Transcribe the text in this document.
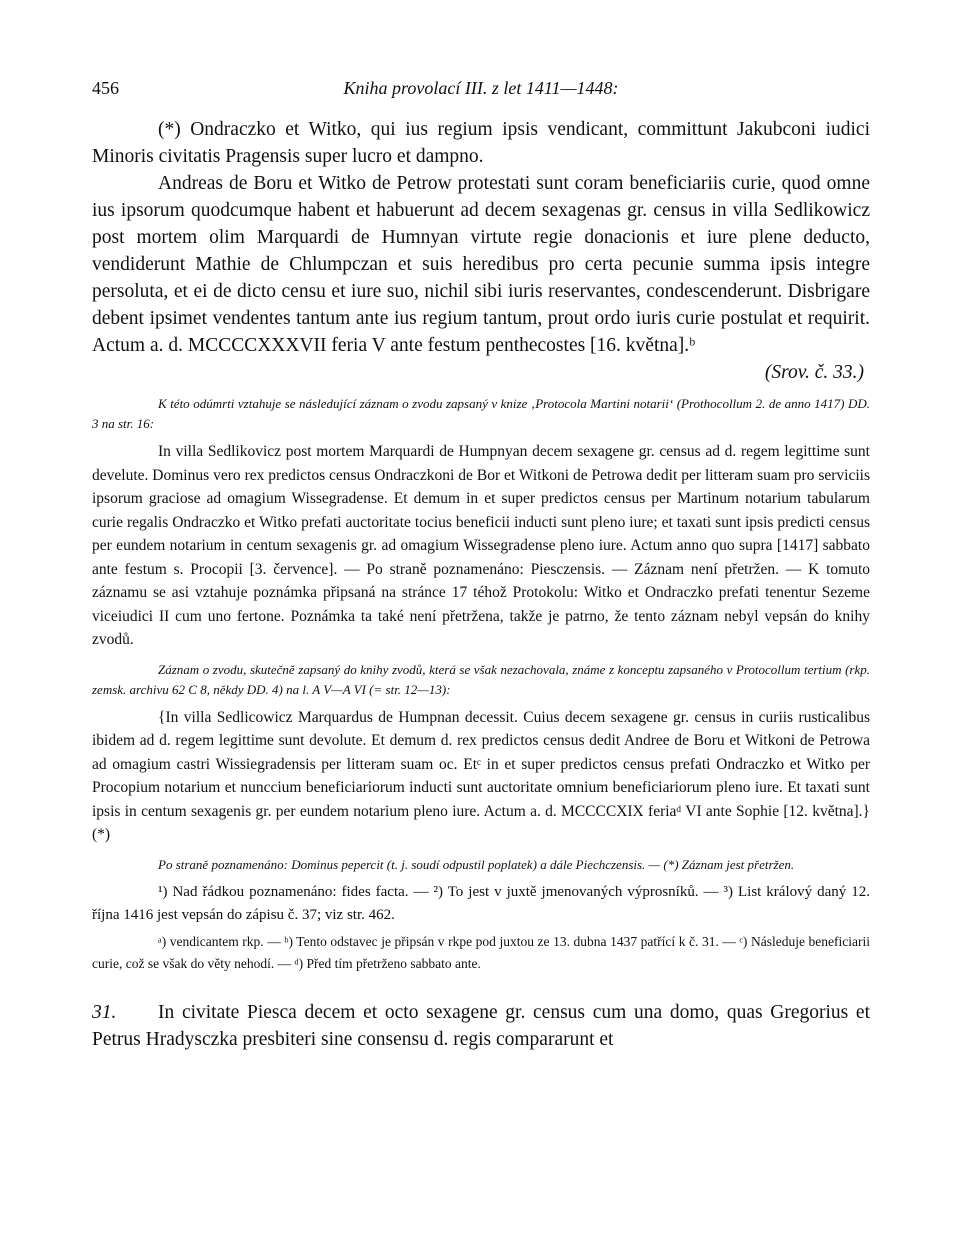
456	Kniha provolací III. z let 1411—1448:

(*) Ondraczko et Witko, qui ius regium ipsis vendicant, committunt Jakubconi iudici Minoris civitatis Pragensis super lucro et dampno.

Andreas de Boru et Witko de Petrow protestati sunt coram beneficiariis curie, quod omne ius ipsorum quodcumque habent et habuerunt ad decem sexagenas gr. census in villa Sedlikowicz post mortem olim Marquardi de Humnyan virtute regie donacionis et iure plene deducto, vendiderunt Mathie de Chlumpczan et suis heredibus pro certa pecunie summa ipsis integre persoluta, et ei de dicto censu et iure suo, nichil sibi iuris reservantes, condescenderunt. Disbrigare debent ipsimet vendentes tantum ante ius regium tantum, prout ordo iuris curie postulat et requirit. Actum a. d. MCCCCXXXVII feria V ante festum penthecostes [16. května].ᵇ

(Srov. č. 33.)

K této odúmrti vztahuje se následující záznam o zvodu zapsaný v knize ‚Protocola Martini notarii‘ (Prothocollum 2. de anno 1417) DD. 3 na str. 16:

In villa Sedlikovicz post mortem Marquardi de Humpnyan decem sexagene gr. census ad d. regem legittime sunt develute. Dominus vero rex predictos census Ondraczkoni de Bor et Witkoni de Petrowa dedit per litteram suam pro serviciis ipsorum graciose ad omagium Wissegradense. Et demum in et super predictos census per Martinum notarium tabularum curie regalis Ondraczko et Witko prefati auctoritate tocius beneficii inducti sunt pleno iure; et taxati sunt ipsis predicti census per eundem notarium in centum sexagenis gr. ad omagium Wissegradense pleno iure. Actum anno quo supra [1417] sabbato ante festum s. Procopii [3. července]. — Po straně poznamenáno: Piesczensis. — Záznam není přetržen. — K tomuto záznamu se asi vztahuje poznámka připsaná na stránce 17 téhož Protokolu: Witko et Ondraczko prefati tenentur Sezeme viceiudici II cum uno fertone. Poznámka ta také není přetržena, takže je patrno, že tento záznam nebyl vepsán do knihy zvodů.

Záznam o zvodu, skutečně zapsaný do knihy zvodů, která se však nezachovala, známe z konceptu zapsaného v Protocollum tertium (rkp. zemsk. archivu 62 C 8, někdy DD. 4) na l. A V—A VI (= str. 12—13):

{In villa Sedlicowicz Marquardus de Humpnan decessit. Cuius decem sexagene gr. census in curiis rusticalibus ibidem ad d. regem legittime sunt devolute. Et demum d. rex predictos census dedit Andree de Boru et Witkoni de Petrowa ad omagium castri Wissiegradensis per litteram suam oc. Etᶜ in et super predictos census prefati Ondraczko et Witko per Procopium notarium et nunccium beneficiariorum inducti sunt auctoritate omnium beneficiariorum pleno iure. Et taxati sunt ipsis in centum sexagenis gr. per eundem notarium pleno iure. Actum a. d. MCCCCXIX feriaᵈ VI ante Sophie [12. května].} (*)

Po straně poznamenáno: Dominus pepercit (t. j. soudí odpustil poplatek) a dále Piechczensis. — (*) Záznam jest přetržen.

¹) Nad řádkou poznamenáno: fides facta. — ²) To jest v juxtě jmenovaných výprosníků. — ³) List králový daný 12. října 1416 jest vepsán do zápisu č. 37; viz str. 462.

ᵃ) vendicantem rkp. — ᵇ) Tento odstavec je připsán v rkpe pod juxtou ze 13. dubna 1437 patřící k č. 31. — ᶜ) Následuje beneficiarii curie, což se však do věty nehodí. — ᵈ) Před tím přetrženo sabbato ante.

31. In civitate Piesca decem et octo sexagene gr. census cum una domo, quas Gregorius et Petrus Hradysczka presbiteri sine consensu d. regis compararunt et
